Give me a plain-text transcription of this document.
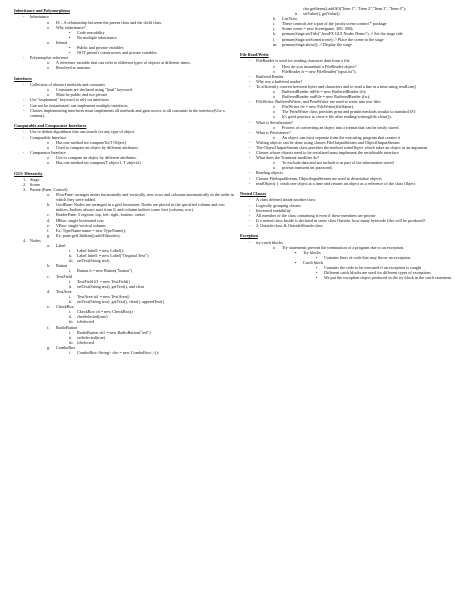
Inheritance and Polymorphism
- Inheritance
o IS – A relationship between the parent class and the child class.
o Why inheritance?
• Code reusability
• No multiple inheritance
o Inherit
• Public and private variables
• NOT parent's constructors and private variables
- Polymorphic reference
o A reference variable that can refer to different types of objects at different times.
o Resolved at runtime.
Interfaces
- Collection of abstract methods and constants
o Constants are declared using "final" keyword.
o Must be public and not private
- Use "implement" keyword to rely on interfaces
- Can not be instantiated, can implement multiple interfaces.
- Classes implementing interfaces must implements all methods and gain access to all constants in the interface(Use a comma).
Comparable and Comparator Interfaces
- Use to define algorithms that can search for any type of object.
- Comparable Interface
o Has one method int compareTo(T Object)
o Used to compare an object by different attributes.
- Comparator Interface
o Use to compare an object by different attributes.
o Has one method int compare(T object1, T object2)
GUI: Hierarchy
1. Stage
2. Scene
3. Parent (Pane, Control)
a. FlowPane: arranges nodes horizontally and vertically, new rows and columns automatically in the order in which they were added.
b. GridPane: Nodes are arranged in a grid formation. Nodes are placed in the specified column and row indices. Indices always start from 0, and column indices come first (column, row).
c. BorderPane: 5 regions, top, left, right, bottom, center
d. HBox: single horizontal row
e. VBox: single vertical column
f. Ex: TypeName name = new TypeName();
g. Ex: pane.getChildren().addAll(nodes);
4. Nodes
a. Label
i. Label label1 = new Label();
ii. Label label1 = new Label("Original Text")
iii. setText(String text)
b. Button
i. Button b = new Button("button")
c. TextField
i. TextField tf1 = new TextField()
ii. setText(String text), getText(), and clear
d. TextArea
i. TextArea ta1 = new TextArea()
ii. setText(String text), getText(), clear(), appendText()
e. CheckBox
i. CheckBox ch = new CheckBox()
ii. chetSelected(true)
iii. isSelected
f. RadioButton
i. RadioButton rb1 = new RadioButton("red")
ii. setSelected(true)
iii. isSelected
g. ComboBox
i. ComboBox<String> cbo = new ComboBox<>();
cbo.getItems().addAll("Item 1", "Item 2","Item 3", "Item 4");
ii. setValue(), getValue()
h. ListView
i. These controls are a part of the javafx.scene.control.* package
j. Scene scene = new Scene(pane, 300, 300);
k. primaryStage.setTitle("JavaFX GUI Nodes Demo"); // Set the stage title
l. primaryStage.setScene(scene); // Place the scene in the stage
m. primaryStage.show(); // Display the stage
File Read/Write
- FileReader is used for reading character data from a file
o How do you instantiate a FileReader object?
o FileReader fr = new FileReader("input.txt");
- Buffered Reader
- Why use a buffered reader?
- To efficiently convert between bytes and characters and to read a line at a time using readLine()
o BufferedReader inFile = new BufferedReader (fr);
o BufferedReader outFile = new BufferedReader (fw);
- FileWriter, BufferedWriter, and PrintWriter are used to write into text files
o FileWriter fw = new FileWriter(fileName);
o The PrintWriter class provides print and println methods similar to standard I/O
o It's good practice to close a file after reading/writing(file.close());
- What is Serialization?
o Process of converting an object into a format that can be easily stored
- What is Persistence?
o An object can exist separate from the executing program that creates it
- Writing objects can be done using classes FileOutputStream and ObjectOutputStream
- The ObjectOutputStream class provides the method writeObject which takes an object as an argument.
- Classes whose objects need to be serialized must implement the serializable interface
- What does the Transient modifier do?
o To exclude data and not include it as part of the information stored
o private transient int password;
- Reading objects
- Classes FileInputStream, ObjectInputStream are used to deserialize objects
- readObject( ): reads one object at a time and returns an object as a reference of the class Object
Nested Classes
- A class defined inside another class
- Logically grouping classes
- Increased readability
- All member of the class containing it even if these members are private
- If a nested class Inside is declared in outer class Outside, how many bytecode files will be produced?
- 2: Outside.class & OutsideSInside.class
Exception
- try-catch blocks
o Try statements prevent the termination of a program due to an exception.
▪ Try blocks
• Contains lines of code that may throw an exception.
▪ Catch block
• Contains the code to be executed if an exception is caught
• Different catch blocks are used for different types of exceptions
• We put the exception object produced in the try block in the catch statement
